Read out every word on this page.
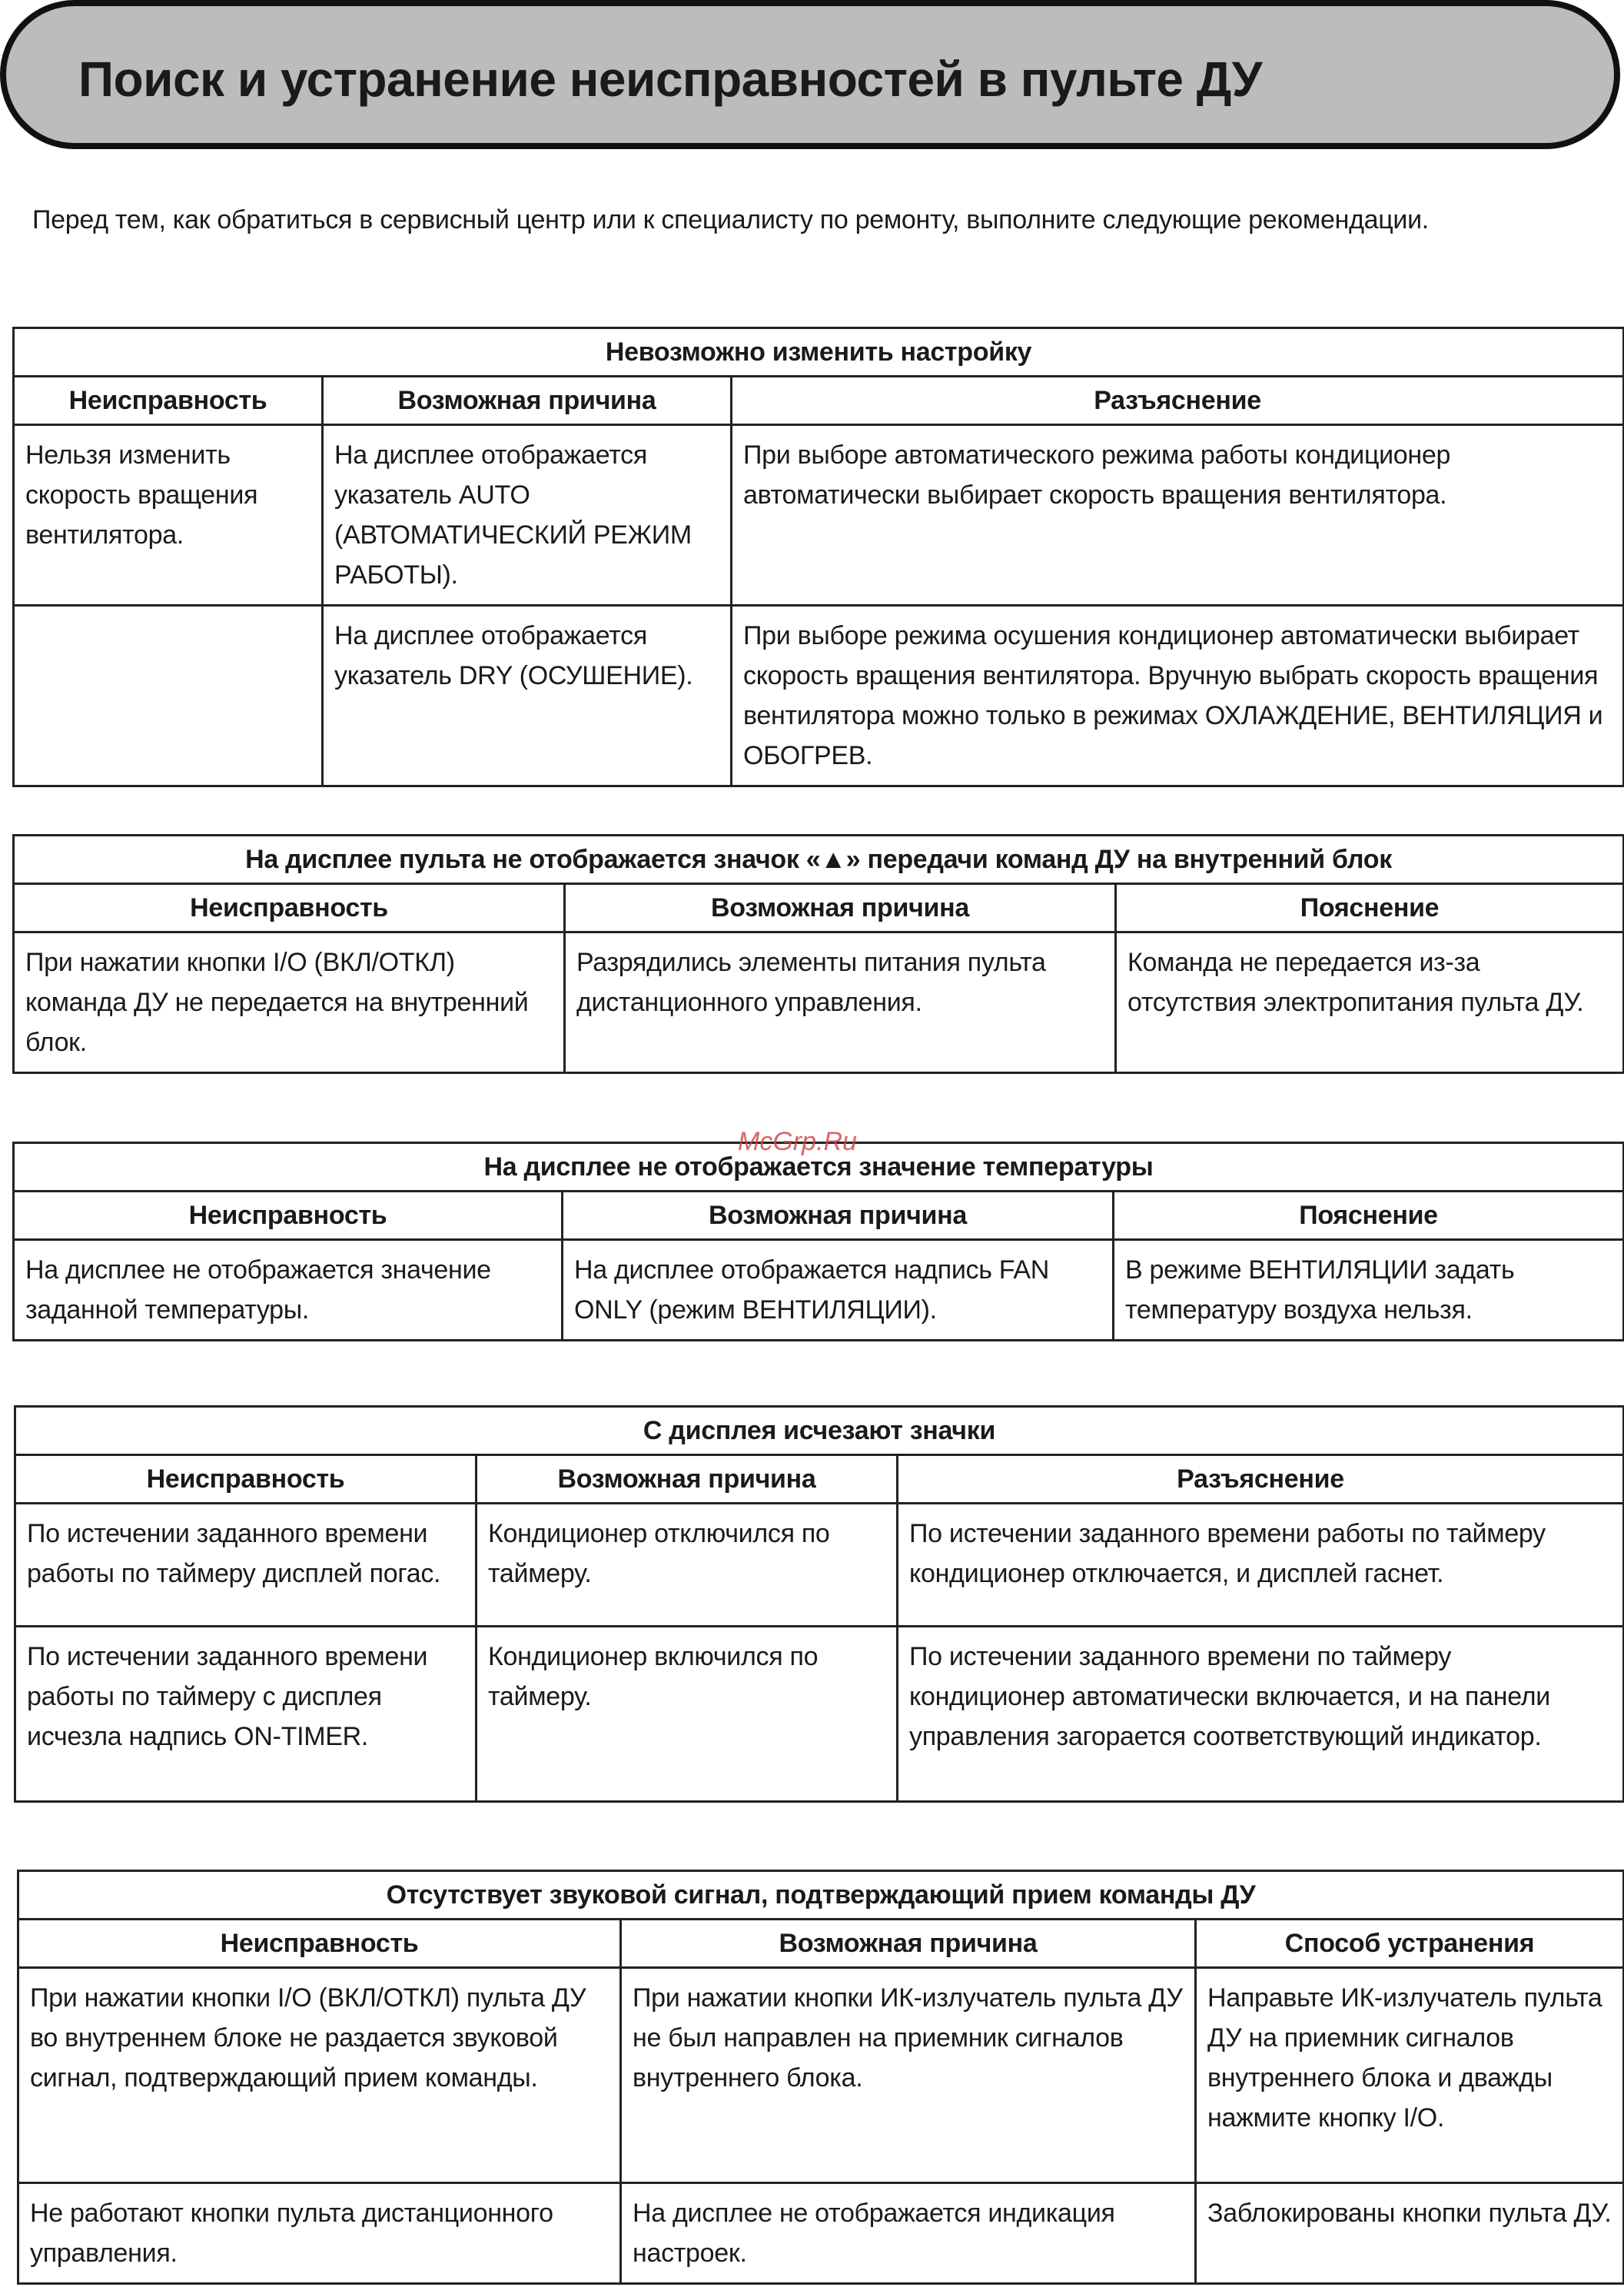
Поиск и устранение неисправностей в пульте ДУ

Перед тем, как обратиться в сервисный центр или к специалисту по ремонту, выполните следующие рекомендации.

Невозможно изменить настройку		
Неисправность	Возможная причина	Разъяснение
Нельзя изменить скорость вращения вентилятора.	На дисплее отображается указатель AUTO (АВТОМАТИЧЕСКИЙ РЕЖИМ РАБОТЫ).	При выборе автоматического режима работы кондиционер автоматически выбирает скорость вращения вентилятора.
	На дисплее отображается указатель DRY (ОСУШЕНИЕ).	При выборе режима осушения кондиционер автоматически выбирает скорость вращения вентилятора. Вручную выбрать скорость вращения вентилятора можно только в режимах ОХЛАЖДЕНИЕ, ВЕНТИЛЯЦИЯ и ОБОГРЕВ.
На дисплее пульта не отображается значок «▲» передачи команд ДУ на внутренний блок		
Неисправность	Возможная причина	Пояснение
При нажатии кнопки I/O (ВКЛ/ОТКЛ) команда ДУ не передается на внутренний блок.	Разрядились элементы питания пульта дистанционного управления.	Команда не передается из-за отсутствия электропитания пульта ДУ.
На дисплее не отображается значение температуры		
Неисправность	Возможная причина	Пояснение
На дисплее не отображается значение заданной температуры.	На дисплее отображается надпись FAN ONLY (режим ВЕНТИЛЯЦИИ).	В режиме ВЕНТИЛЯЦИИ задать температуру воздуха нельзя.
С дисплея исчезают значки		
Неисправность	Возможная причина	Разъяснение
По истечении заданного времени работы по таймеру дисплей погас.	Кондиционер отключился по таймеру.	По истечении заданного времени работы по таймеру кондиционер отключается, и дисплей гаснет.
По истечении заданного времени работы по таймеру с дисплея исчезла надпись ON-TIMER.	Кондиционер включился по таймеру.	По истечении заданного времени по таймеру кондиционер автоматически включается, и на панели управления загорается соответствующий индикатор.
Отсутствует звуковой сигнал, подтверждающий прием команды ДУ		
Неисправность	Возможная причина	Способ устранения
При нажатии кнопки I/O (ВКЛ/ОТКЛ) пульта ДУ во внутреннем блоке не раздается звуковой сигнал, подтверждающий прием команды.	При нажатии кнопки ИК-излучатель пульта ДУ не был направлен на приемник сигналов внутреннего блока.	Направьте ИК-излучатель пульта ДУ на приемник сигналов внутреннего блока и дважды нажмите кнопку I/O.
Не работают кнопки пульта дистанционного управления.	На дисплее не отображается индикация настроек.	Заблокированы кнопки пульта ДУ.
McGrp.Ru
